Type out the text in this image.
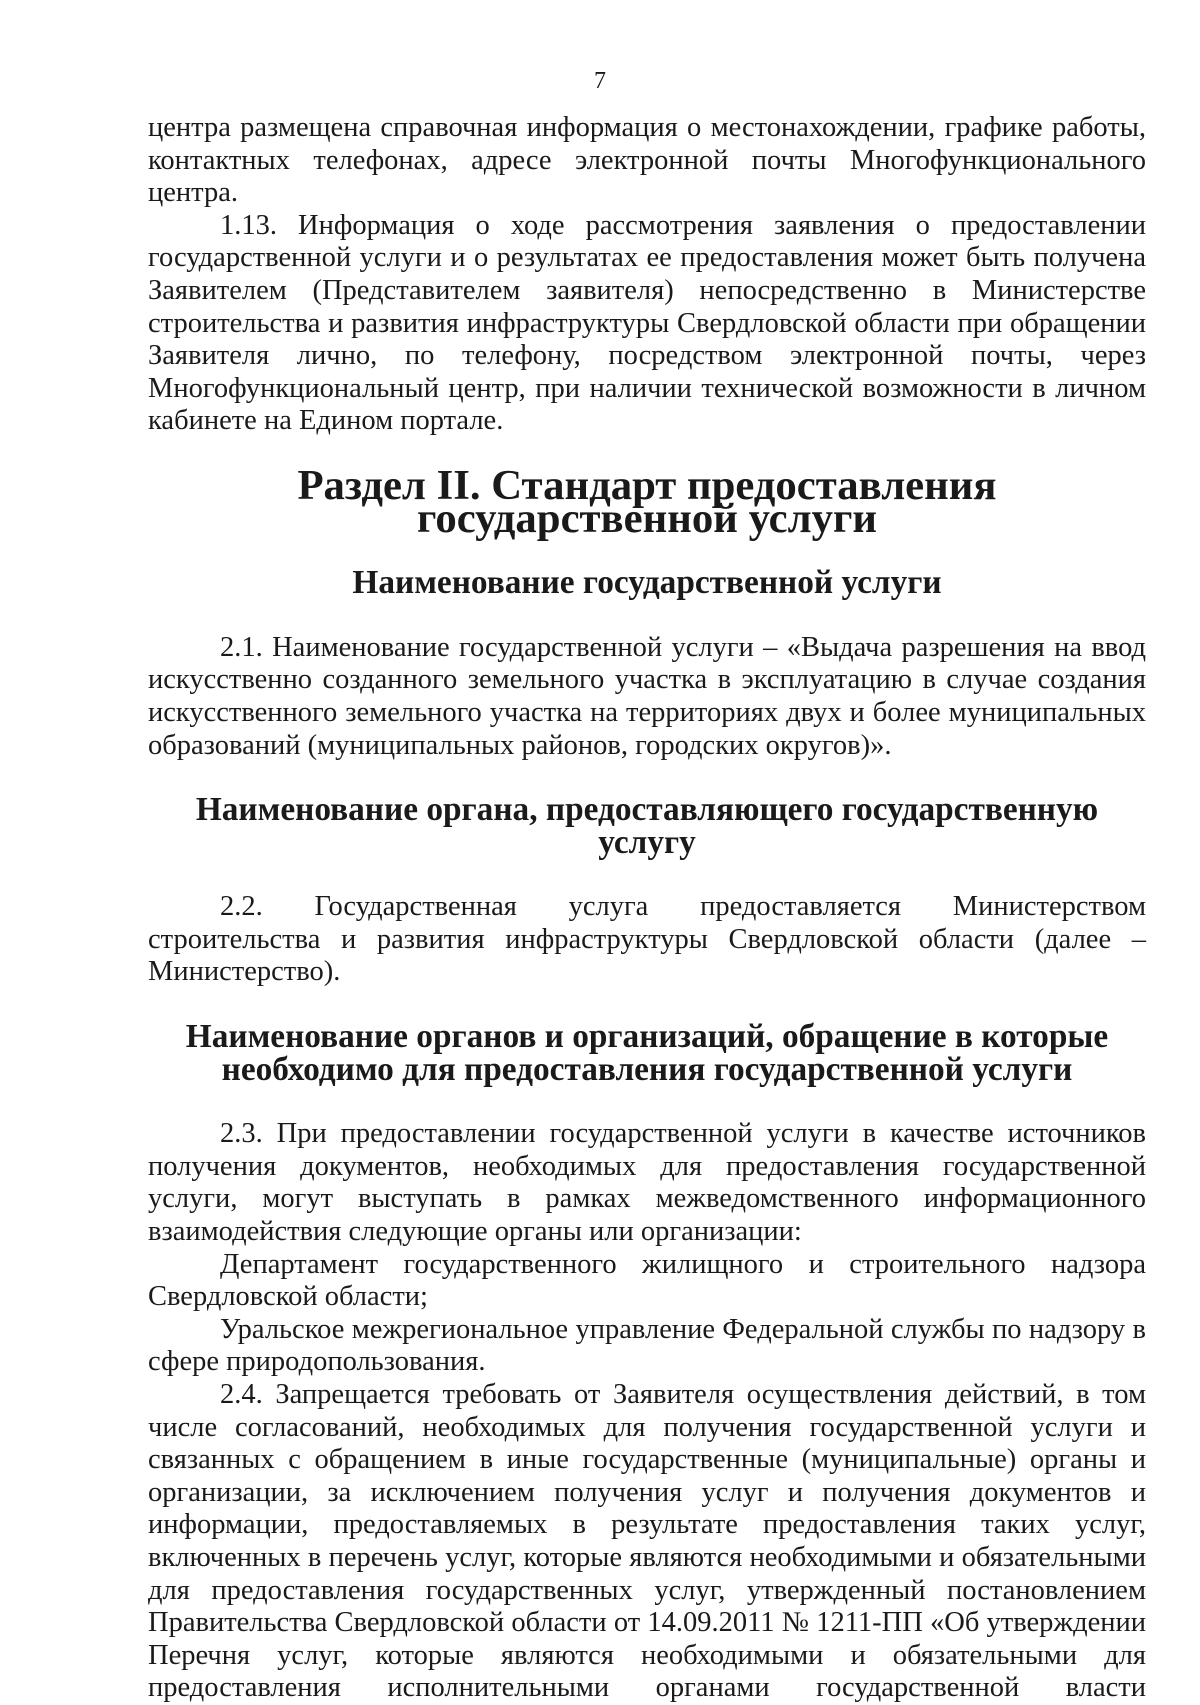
7

центра размещена справочная информация о местонахождении, графике работы, контактных телефонах, адресе электронной почты Многофункционального центра.

1.13. Информация о ходе рассмотрения заявления о предоставлении государственной услуги и о результатах ее предоставления может быть получена Заявителем (Представителем заявителя) непосредственно в Министерстве строительства и развития инфраструктуры Свердловской области при обращении Заявителя лично, по телефону, посредством электронной почты, через Многофункциональный центр, при наличии технической возможности в личном кабинете на Едином портале.

Раздел II. Стандарт предоставления государственной услуги
Наименование государственной услуги

2.1. Наименование государственной услуги – «Выдача разрешения на ввод искусственно созданного земельного участка в эксплуатацию в случае создания искусственного земельного участка на территориях двух и более муниципальных образований (муниципальных районов, городских округов)».

Наименование органа, предоставляющего государственную услугу

2.2. Государственная услуга предоставляется Министерством строительства и развития инфраструктуры Свердловской области (далее – Министерство).

Наименование органов и организаций, обращение в которые
необходимо для предоставления государственной услуги

2.3. При предоставлении государственной услуги в качестве источников получения документов, необходимых для предоставления государственной услуги, могут выступать в рамках межведомственного информационного взаимодействия следующие органы или организации:

Департамент государственного жилищного и строительного надзора Свердловской области;

Уральское межрегиональное управление Федеральной службы по надзору в сфере природопользования.

2.4. Запрещается требовать от Заявителя осуществления действий, в том числе согласований, необходимых для получения государственной услуги и связанных с обращением в иные государственные (муниципальные) органы и организации, за исключением получения услуг и получения документов и информации, предоставляемых в результате предоставления таких услуг, включенных в перечень услуг, которые являются необходимыми и обязательными для предоставления государственных услуг, утвержденный постановлением Правительства Свердловской области от 14.09.2011 № 1211-ПП «Об утверждении Перечня услуг, которые являются необходимыми и обязательными для предоставления исполнительными органами государственной власти
